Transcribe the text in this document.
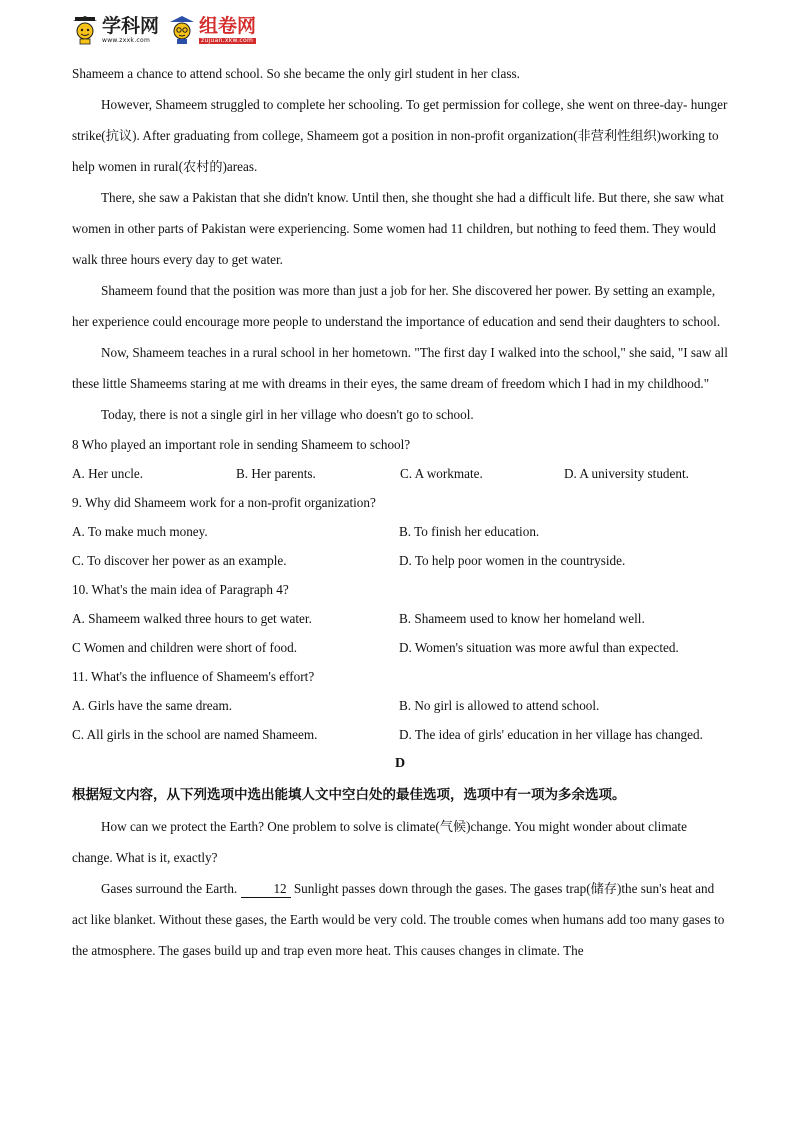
学科网
www.zxxk.com
组卷网
zujuan.xkw.com

Shameem a chance to attend school. So she became the only girl student in her class.

However, Shameem struggled to complete her schooling. To get permission for college, she went on three-day- hunger strike(抗议). After graduating from college, Shameem got a position in non-profit organization(非营利性组织)working to help women in rural(农村的)areas.

There, she saw a Pakistan that she didn't know. Until then, she thought she had a difficult life. But there, she saw what women in other parts of Pakistan were experiencing. Some women had 11 children, but nothing to feed them. They would walk three hours every day to get water.

Shameem found that the position was more than just a job for her. She discovered her power. By setting an example, her experience could encourage more people to understand the importance of education and send their daughters to school.

Now, Shameem teaches in a rural school in her hometown. "The first day I walked into the school," she said, "I saw all these little Shameems staring at me with dreams in their eyes, the same dream of freedom which I had in my childhood."

Today, there is not a single girl in her village who doesn't go to school.

8 Who played an important role in sending Shameem to school?

A. Her uncle.	B. Her parents.	C. A workmate.	D. A university student.

9. Why did Shameem work for a non-profit organization?

A. To make much money.	B. To finish her education.
C. To discover her power as an example.	D. To help poor women in the countryside.

10. What's the main idea of Paragraph 4?

A. Shameem walked three hours to get water.	B. Shameem used to know her homeland well.
C Women and children were short of food.	D. Women's situation was more awful than expected.

11. What's the influence of Shameem's effort?

A. Girls have the same dream.	B. No girl is allowed to attend school.
C. All girls in the school are named Shameem.	D. The idea of girls' education in her village has changed.

D

根据短文内容，从下列选项中选出能填人文中空白处的最佳选项，选项中有一项为多余选项。

How can we protect the Earth? One problem to solve is climate(气候)change. You might wonder about climate change. What is it, exactly?

Gases surround the Earth. 12 Sunlight passes down through the gases. The gases trap(储存)the sun's heat and act like blanket. Without these gases, the Earth would be very cold. The trouble comes when humans add too many gases to the atmosphere. The gases build up and trap even more heat. This causes changes in climate. The
